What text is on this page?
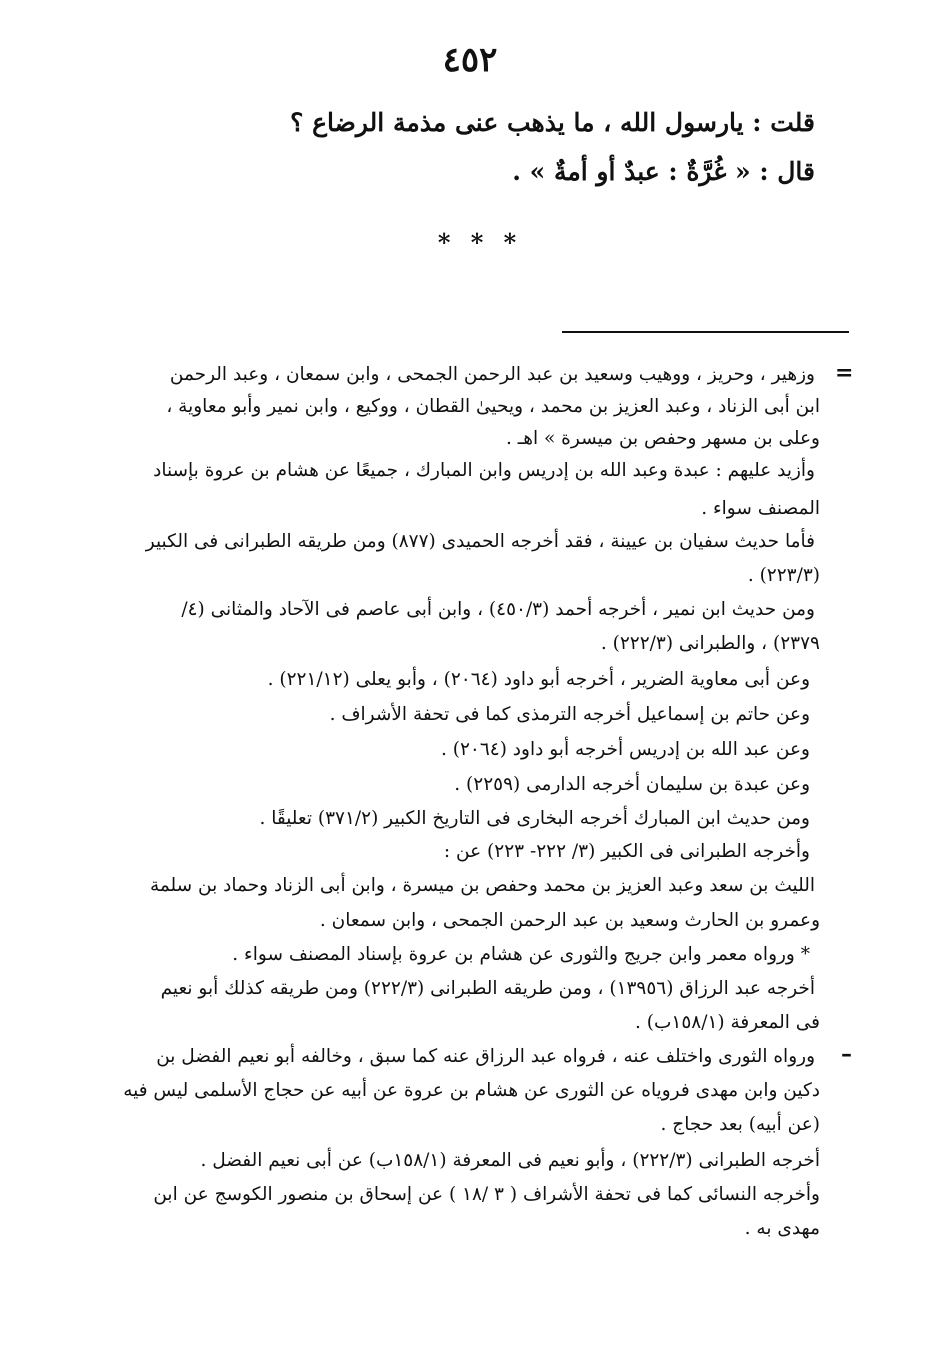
٤٥٢
قلت : يارسول الله ، ما يذهب عنى مذمة الرضاع ؟
قال : « غُرَّةٌ : عبدٌ أو أمةٌ » .
* * *
=
–
وزهير ، وحريز ، ووهيب وسعيد بن عبد الرحمن الجمحى ، وابن سمعان ، وعبد الرحمن
ابن أبى الزناد ، وعبد العزيز بن محمد ، ويحيىٰ القطان ، ووكيع ، وابن نمير وأبو معاوية ،
وعلى بن مسهر وحفص بن ميسرة » اهـ .
وأزيد عليهم : عبدة وعبد الله بن إدريس وابن المبارك ، جميعًا عن هشام بن عروة بإسناد
المصنف سواء .
فأما حديث سفيان بن عيينة ، فقد أخرجه الحميدى (٨٧٧) ومن طريقه الطبرانى فى الكبير
(٢٢٣/٣) .
ومن حديث ابن نمير ، أخرجه أحمد (٤٥٠/٣) ، وابن أبى عاصم فى الآحاد والمثانى (٤/
٢٣٧٩) ، والطبرانى (٢٢٢/٣) .
وعن أبى معاوية الضرير ، أخرجه أبو داود (٢٠٦٤) ، وأبو يعلى (٢٢١/١٢) .
وعن حاتم بن إسماعيل أخرجه الترمذى كما فى تحفة الأشراف .
وعن عبد الله بن إدريس أخرجه أبو داود (٢٠٦٤) .
وعن عبدة بن سليمان أخرجه الدارمى (٢٢٥٩) .
ومن حديث ابن المبارك أخرجه البخارى فى التاريخ الكبير (٣٧١/٢) تعليقًا .
وأخرجه الطبرانى فى الكبير (٣/ ٢٢٢- ٢٢٣) عن :
الليث بن سعد وعبد العزيز بن محمد وحفص بن ميسرة ، وابن أبى الزناد وحماد بن سلمة
وعمرو بن الحارث وسعيد بن عبد الرحمن الجمحى ، وابن سمعان .
* ورواه معمر وابن جريج والثورى عن هشام بن عروة بإسناد المصنف سواء .
أخرجه عبد الرزاق (١٣٩٥٦) ، ومن طريقه الطبرانى (٢٢٢/٣) ومن طريقه كذلك أبو نعيم
فى المعرفة (١٥٨/١ب) .
ورواه الثورى واختلف عنه ، فرواه عبد الرزاق عنه كما سبق ، وخالفه أبو نعيم الفضل بن
دكين وابن مهدى فروياه عن الثورى عن هشام بن عروة عن أبيه عن حجاج الأسلمى ليس فيه
(عن أبيه) بعد حجاج .
أخرجه الطبرانى (٢٢٢/٣) ، وأبو نعيم فى المعرفة (١٥٨/١ب) عن أبى نعيم الفضل .
وأخرجه النسائى كما فى تحفة الأشراف ( ٣ /١٨ ) عن إسحاق بن منصور الكوسج عن ابن
مهدى به .
